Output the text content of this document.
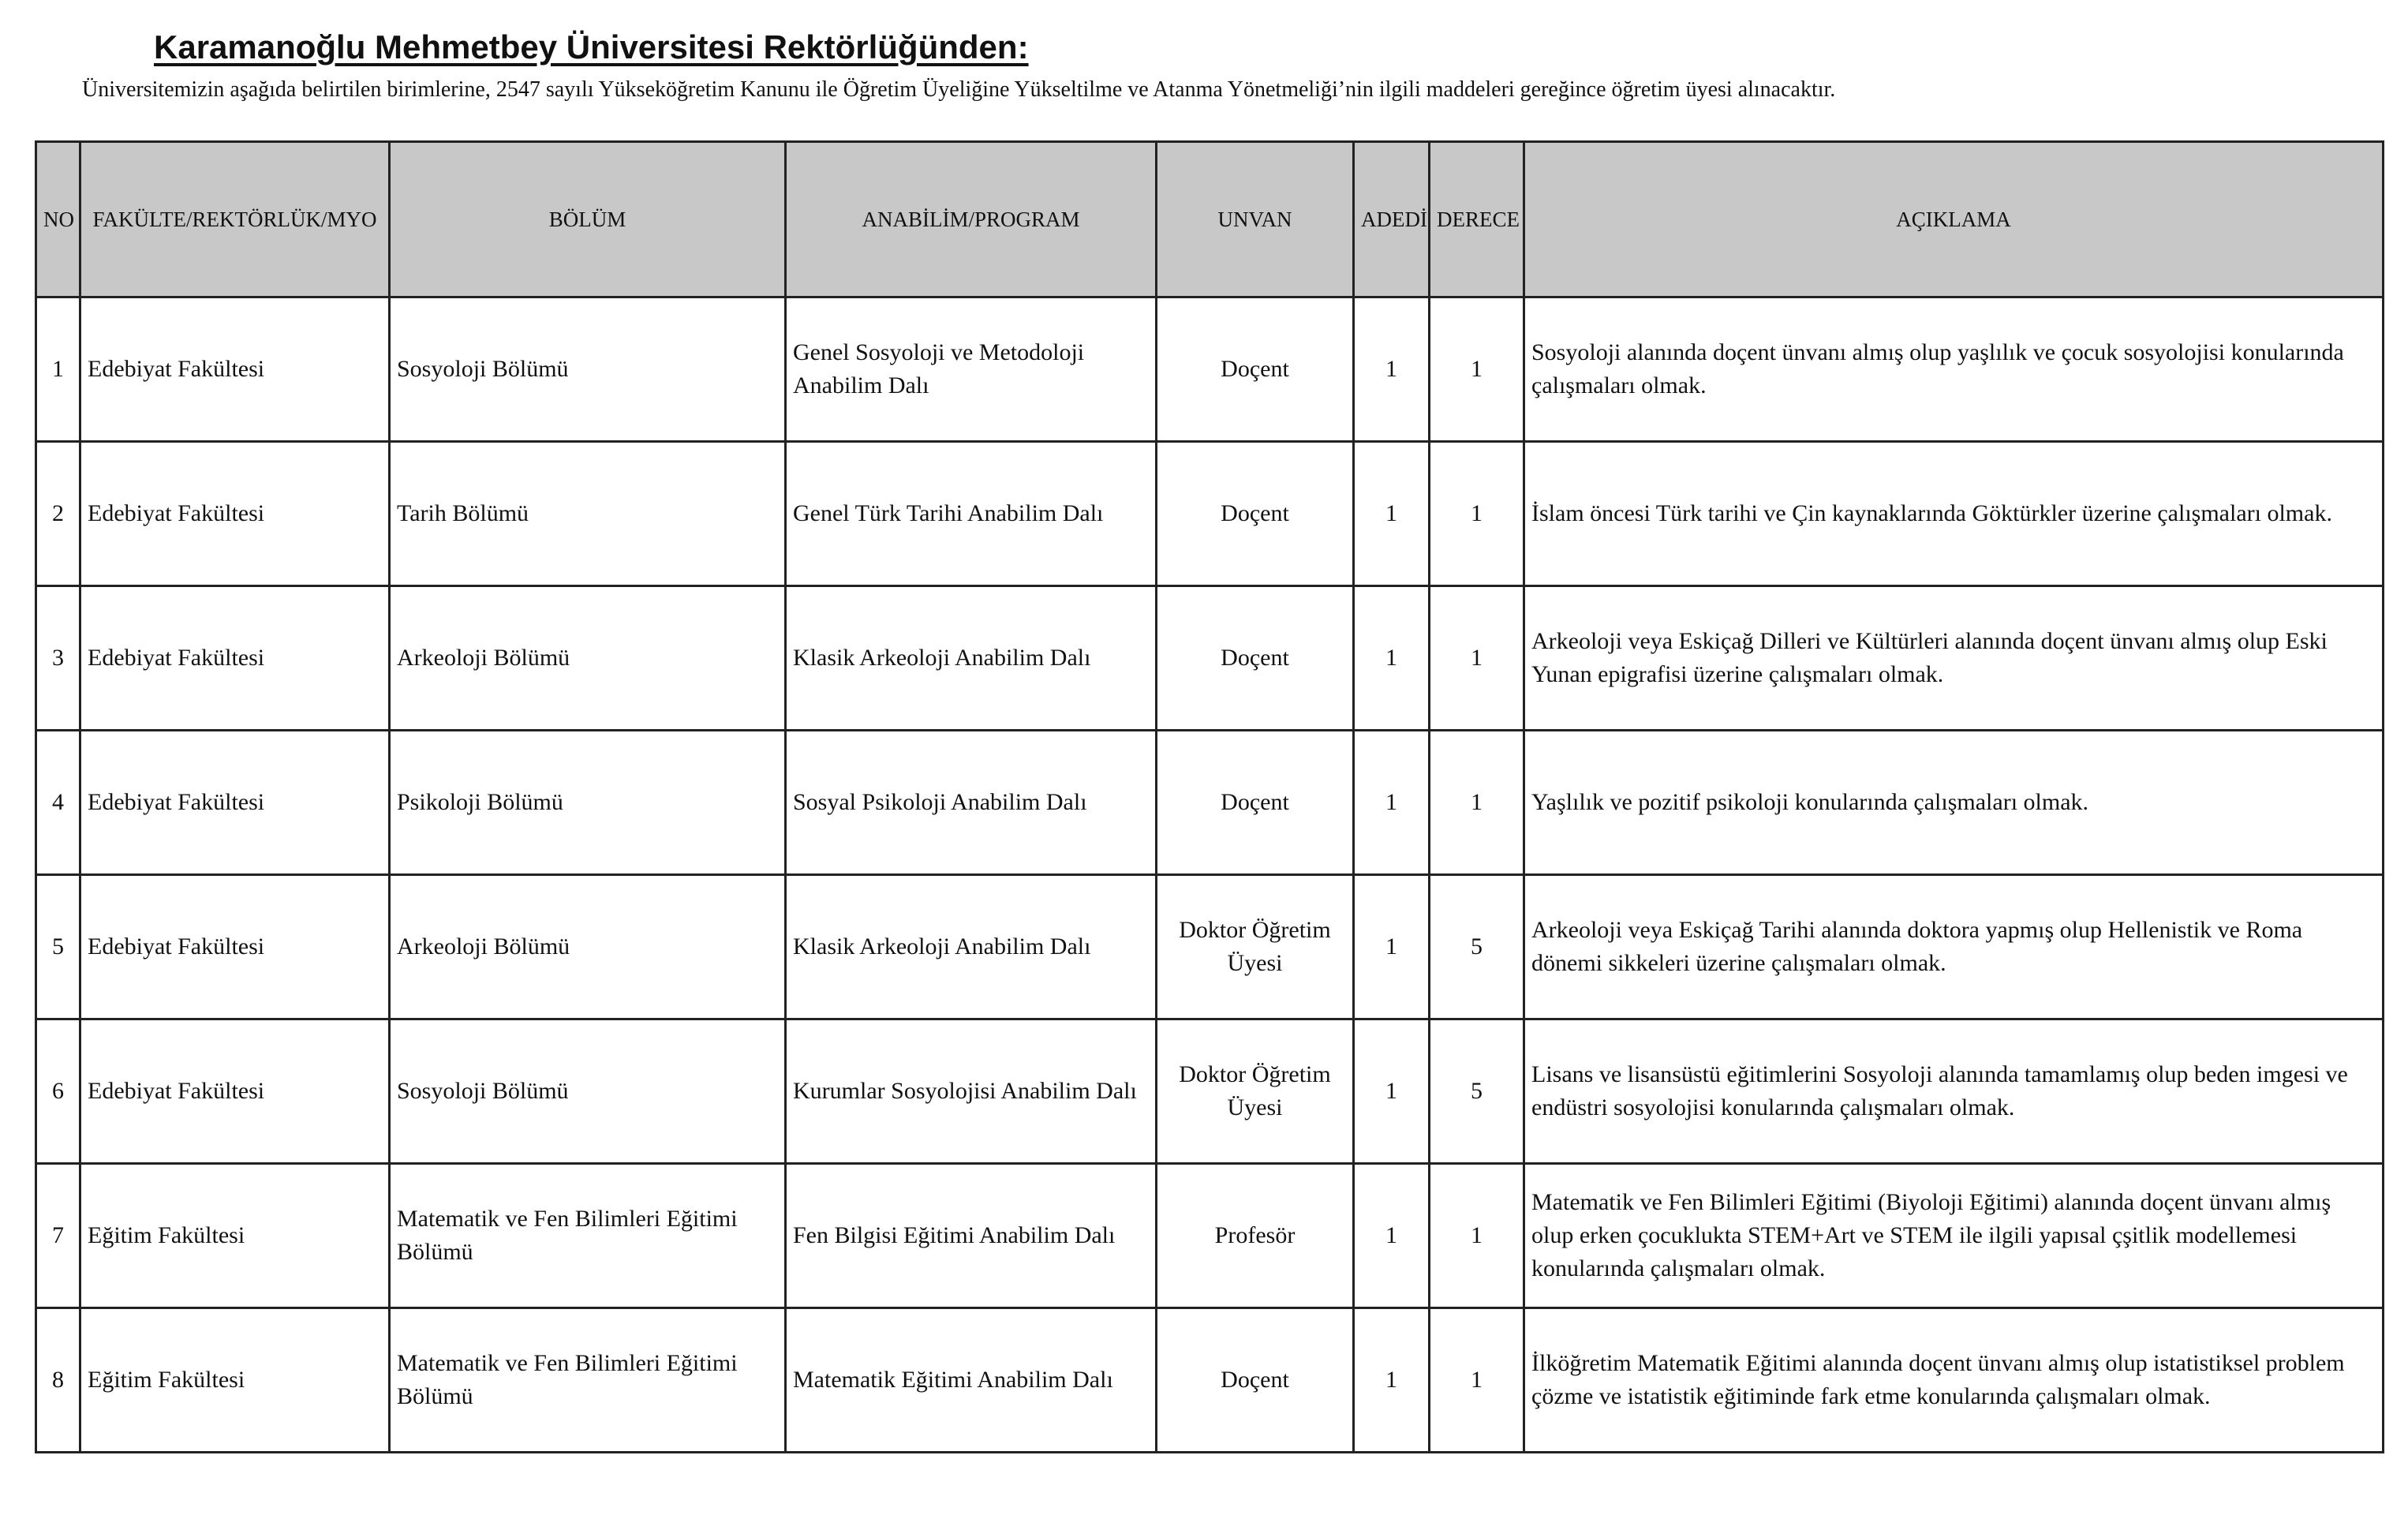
Karamanoğlu Mehmetbey Üniversitesi Rektörlüğünden:
Üniversitemizin aşağıda belirtilen birimlerine, 2547 sayılı Yükseköğretim Kanunu ile Öğretim Üyeliğine Yükseltilme ve Atanma Yönetmeliği’nin ilgili maddeleri gereğince öğretim üyesi alınacaktır.
NO	FAKÜLTE/REKTÖRLÜK/MYO	BÖLÜM	ANABİLİM/PROGRAM	UNVAN	ADEDİ	DERECE	AÇIKLAMA
1	Edebiyat Fakültesi	Sosyoloji Bölümü	Genel Sosyoloji ve Metodoloji Anabilim Dalı	Doçent	1	1	Sosyoloji alanında doçent ünvanı almış olup yaşlılık ve çocuk sosyolojisi konularında çalışmaları olmak.
2	Edebiyat Fakültesi	Tarih Bölümü	Genel Türk Tarihi Anabilim Dalı	Doçent	1	1	İslam öncesi Türk tarihi ve Çin kaynaklarında Göktürkler üzerine çalışmaları olmak.
3	Edebiyat Fakültesi	Arkeoloji Bölümü	Klasik Arkeoloji Anabilim Dalı	Doçent	1	1	Arkeoloji veya Eskiçağ Dilleri ve Kültürleri alanında doçent ünvanı almış olup Eski Yunan epigrafisi üzerine çalışmaları olmak.
4	Edebiyat Fakültesi	Psikoloji Bölümü	Sosyal Psikoloji Anabilim Dalı	Doçent	1	1	Yaşlılık ve pozitif psikoloji konularında çalışmaları olmak.
5	Edebiyat Fakültesi	Arkeoloji Bölümü	Klasik Arkeoloji Anabilim Dalı	Doktor Öğretim Üyesi	1	5	Arkeoloji veya Eskiçağ Tarihi alanında doktora yapmış olup Hellenistik ve Roma dönemi sikkeleri üzerine çalışmaları olmak.
6	Edebiyat Fakültesi	Sosyoloji Bölümü	Kurumlar Sosyolojisi Anabilim Dalı	Doktor Öğretim Üyesi	1	5	Lisans ve lisansüstü eğitimlerini Sosyoloji alanında tamamlamış olup beden imgesi ve endüstri sosyolojisi konularında çalışmaları olmak.
7	Eğitim Fakültesi	Matematik ve Fen Bilimleri Eğitimi Bölümü	Fen Bilgisi Eğitimi Anabilim Dalı	Profesör	1	1	Matematik ve Fen Bilimleri Eğitimi (Biyoloji Eğitimi) alanında doçent ünvanı almış olup erken çocuklukta STEM+Art ve STEM ile ilgili yapısal çşitlik modellemesi konularında çalışmaları olmak.
8	Eğitim Fakültesi	Matematik ve Fen Bilimleri Eğitimi Bölümü	Matematik Eğitimi Anabilim Dalı	Doçent	1	1	İlköğretim Matematik Eğitimi alanında doçent ünvanı almış olup istatistiksel problem çözme ve istatistik eğitiminde fark etme konularında çalışmaları olmak.
